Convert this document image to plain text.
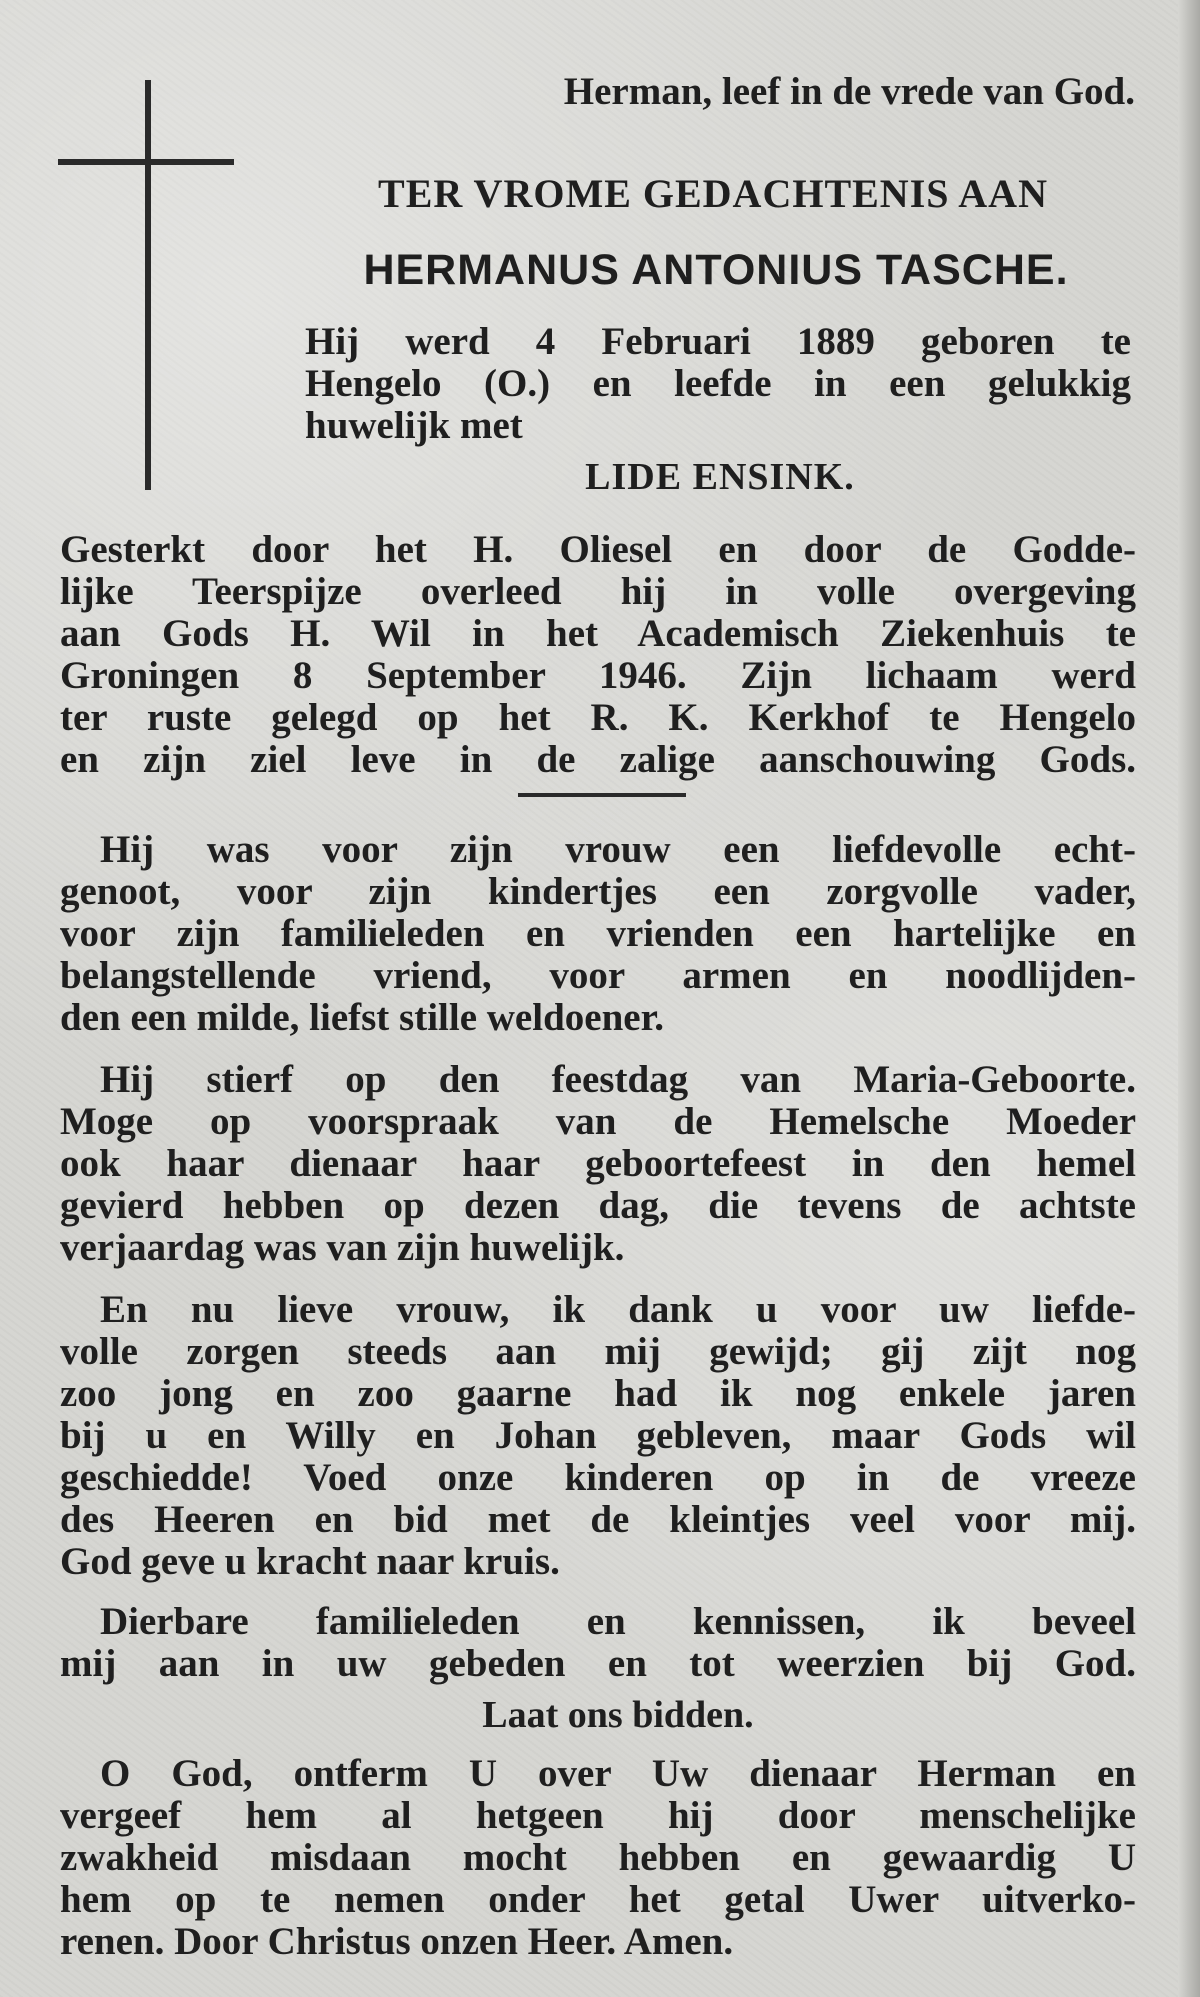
Herman, leef in de vrede van God.

TER VROME GEDACHTENIS AAN

HERMANUS ANTONIUS TASCHE.

Hij werd 4 Februari 1889 geboren te

Hengelo (O.) en leefde in een gelukkig

huwelijk met

LIDE ENSINK.

Gesterkt door het H. Oliesel en door de Godde-

lijke Teerspijze overleed hij in volle overgeving

aan Gods H. Wil in het Academisch Ziekenhuis te

Groningen 8 September 1946. Zijn lichaam werd

ter ruste gelegd op het R. K. Kerkhof te Hengelo

en zijn ziel leve in de zalige aanschouwing Gods.

Hij was voor zijn vrouw een liefdevolle echt-

genoot, voor zijn kindertjes een zorgvolle vader,

voor zijn familieleden en vrienden een hartelijke en

belangstellende vriend, voor armen en noodlijden-

den een milde, liefst stille weldoener.

Hij stierf op den feestdag van Maria-Geboorte.

Moge op voorspraak van de Hemelsche Moeder

ook haar dienaar haar geboortefeest in den hemel

gevierd hebben op dezen dag, die tevens de achtste

verjaardag was van zijn huwelijk.

En nu lieve vrouw, ik dank u voor uw liefde-

volle zorgen steeds aan mij gewijd; gij zijt nog

zoo jong en zoo gaarne had ik nog enkele jaren

bij u en Willy en Johan gebleven, maar Gods wil

geschiedde! Voed onze kinderen op in de vreeze

des Heeren en bid met de kleintjes veel voor mij.

God geve u kracht naar kruis.

Dierbare familieleden en kennissen, ik beveel

mij aan in uw gebeden en tot weerzien bij God.

Laat ons bidden.

O God, ontferm U over Uw dienaar Herman en

vergeef hem al hetgeen hij door menschelijke

zwakheid misdaan mocht hebben en gewaardig U

hem op te nemen onder het getal Uwer uitverko-

renen. Door Christus onzen Heer. Amen.
